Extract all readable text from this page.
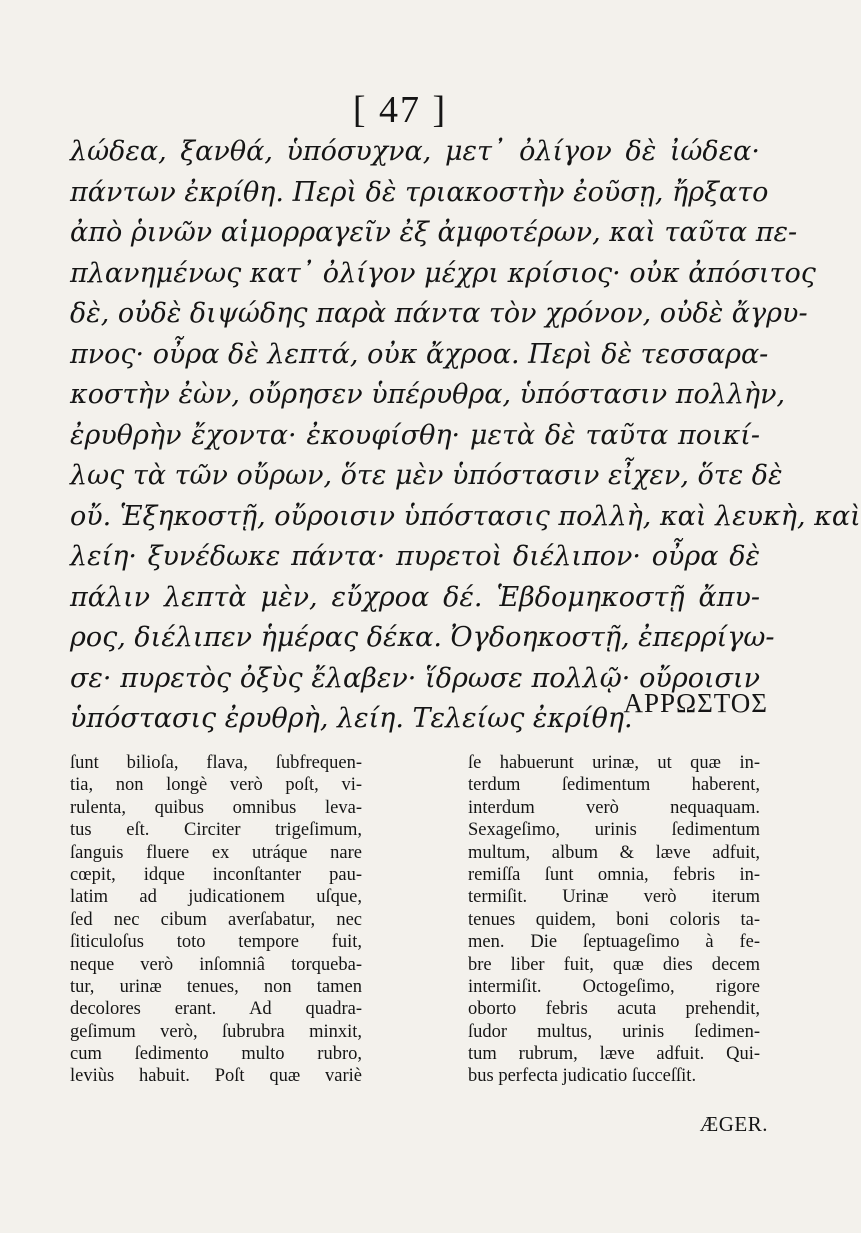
[ 47 ]
λώδεα, ξανθά, ὑπόσυχνα, μετ᾽ ὀλίγον δὲ ἰώδεα·
πάντων ἐκρίθη. Περὶ δὲ τριακοστὴν ἐοῦσῃ, ἤρξατο
ἀπὸ ῥινῶν αἱμορραγεῖν ἐξ ἀμφοτέρων, καὶ ταῦτα πε-
πλανημένως κατ᾽ ὀλίγον μέχρι κρίσιος· οὐκ ἀπόσιτος
δὲ, οὐδὲ διψώδης παρὰ πάντα τὸν χρόνον, οὐδὲ ἄγρυ-
πνος· οὖρα δὲ λεπτά, οὐκ ἄχροα. Περὶ δὲ τεσσαρα-
κοστὴν ἐὼν, οὔρησεν ὑπέρυθρα, ὑπόστασιν πολλὴν,
ἐρυθρὴν ἔχοντα· ἐκουφίσθη· μετὰ δὲ ταῦτα ποικί-
λως τὰ τῶν οὔρων, ὅτε μὲν ὑπόστασιν εἶχεν, ὅτε δὲ
οὔ. Ἑξηκοστῇ, οὔροισιν ὑπόστασις πολλὴ, καὶ λευκὴ, καὶ
λείη· ξυνέδωκε πάντα· πυρετοὶ διέλιπον· οὖρα δὲ
πάλιν λεπτὰ μὲν, εὔχροα δέ. Ἑβδομηκοστῇ ἄπυ-
ρος, διέλιπεν ἡμέρας δέκα. Ὀγδοηκοστῇ, ἐπερρίγω-
σε· πυρετὸς ὀξὺς ἔλαβεν· ἵδρωσε πολλῷ· οὔροισιν
ὑπόστασις ἐρυθρὴ, λείη. Τελείως ἐκρίθη.
ΑΡΡΩΣΤΟΣ
ſunt bilioſa, flava, ſubfrequen-
tia, non longè verò poſt, vi-
rulenta, quibus omnibus leva-
tus eſt. Circiter trigeſimum,
ſanguis fluere ex utráque nare
cœpit, idque inconſtanter pau-
latim ad judicationem uſque,
ſed nec cibum averſabatur, nec
ſiticuloſus toto tempore fuit,
neque verò inſomniâ torqueba-
tur, urinæ tenues, non tamen
decolores erant. Ad quadra-
geſimum verò, ſubrubra minxit,
cum ſedimento multo rubro,
leviùs habuit. Poſt quæ variè
ſe habuerunt urinæ, ut quæ in-
terdum ſedimentum haberent,
interdum verò nequaquam.
Sexageſimo, urinis ſedimentum
multum, album & læve adfuit,
remiſſa ſunt omnia, febris in-
termiſit. Urinæ verò iterum
tenues quidem, boni coloris ta-
men. Die ſeptuageſimo à fe-
bre liber fuit, quæ dies decem
intermiſit. Octogeſimo, rigore
oborto febris acuta prehendit,
ſudor multus, urinis ſedimen-
tum rubrum, læve adfuit. Qui-
bus perfecta judicatio ſucceſſit.
ÆGER.
